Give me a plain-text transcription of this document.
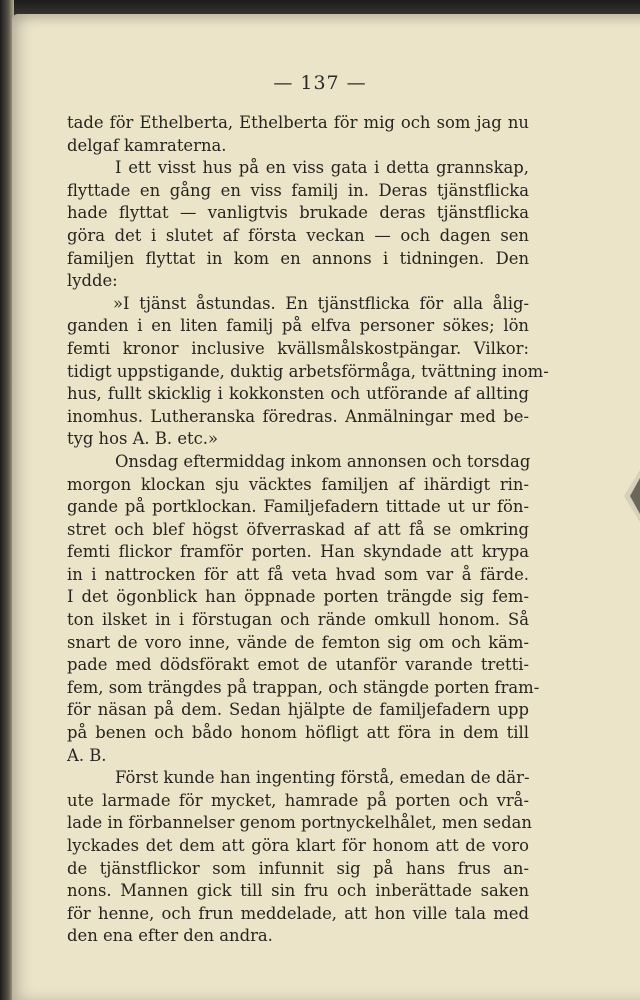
— 137 —
tade för Ethelberta, Ethelberta för mig och som jag nu
delgaf kamraterna.
I ett visst hus på en viss gata i detta grannskap,
flyttade en gång en viss familj in. Deras tjänstflicka
hade flyttat — vanligtvis brukade deras tjänstflicka
göra det i slutet af första veckan — och dagen sen
familjen flyttat in kom en annons i tidningen. Den
lydde:
»I tjänst åstundas. En tjänstflicka för alla ålig-
ganden i en liten familj på elfva personer sökes; lön
femti kronor inclusive kvällsmålskostpängar. Vilkor:
tidigt uppstigande, duktig arbetsförmåga, tvättning inom-
hus, fullt skicklig i kokkonsten och utförande af allting
inomhus. Lutheranska föredras. Anmälningar med be-
tyg hos A. B. etc.»
Onsdag eftermiddag inkom annonsen och torsdag
morgon klockan sju väcktes familjen af ihärdigt rin-
gande på portklockan. Familjefadern tittade ut ur fön-
stret och blef högst öfverraskad af att få se omkring
femti flickor framför porten. Han skyndade att krypa
in i nattrocken för att få veta hvad som var å färde.
I det ögonblick han öppnade porten trängde sig fem-
ton ilsket in i förstugan och rände omkull honom. Så
snart de voro inne, vände de femton sig om och käm-
pade med dödsförakt emot de utanför varande tretti-
fem, som trängdes på trappan, och stängde porten fram-
för näsan på dem. Sedan hjälpte de familjefadern upp
på benen och bådo honom höfligt att föra in dem till
A. B.
Först kunde han ingenting förstå, emedan de där-
ute larmade för mycket, hamrade på porten och vrå-
lade in förbannelser genom portnyckelhålet, men sedan
lyckades det dem att göra klart för honom att de voro
de tjänstflickor som infunnit sig på hans frus an-
nons. Mannen gick till sin fru och inberättade saken
för henne, och frun meddelade, att hon ville tala med
den ena efter den andra.
